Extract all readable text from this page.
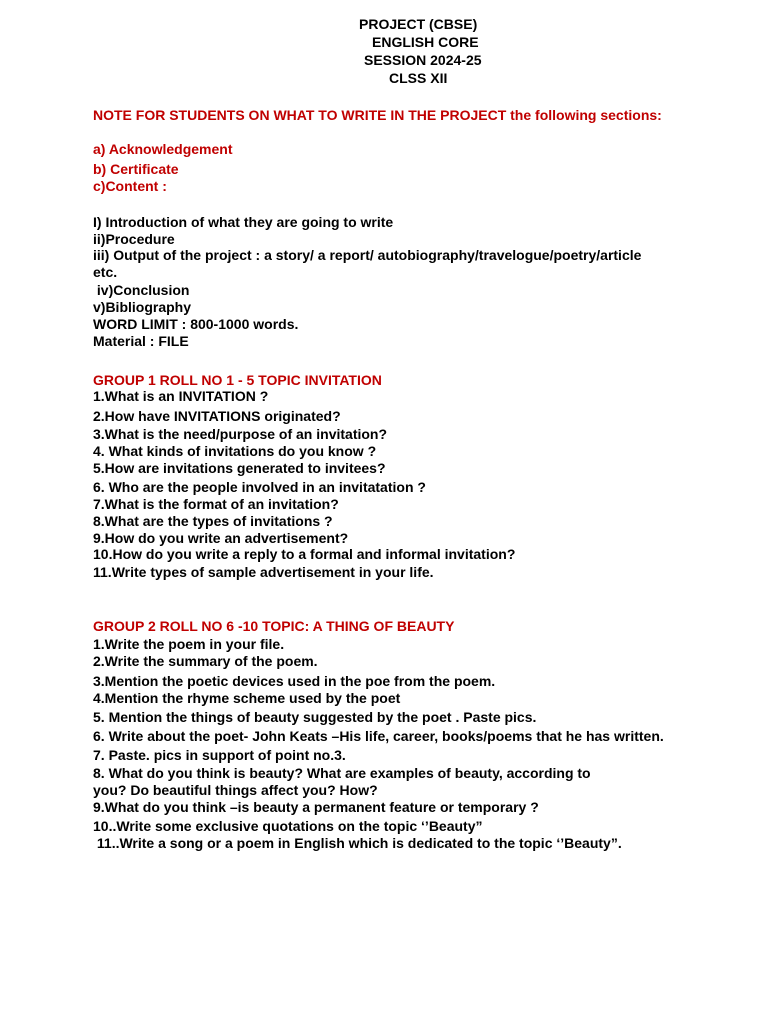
PROJECT (CBSE)
ENGLISH CORE
SESSION 2024-25
CLSS XII
NOTE FOR STUDENTS ON WHAT TO WRITE IN THE PROJECT the following sections:
a) Acknowledgement
b) Certificate
c)Content :
I) Introduction of what they are going to write
ii)Procedure
iii) Output of the project : a story/ a report/ autobiography/travelogue/poetry/article
etc.
iv)Conclusion
v)Bibliography
WORD LIMIT : 800-1000 words.
Material : FILE
GROUP 1 ROLL NO 1 - 5 TOPIC INVITATION
1.What is an INVITATION ?
2.How have INVITATIONS originated?
3.What is the need/purpose of an invitation?
4. What kinds of invitations do you know ?
5.How are invitations generated to invitees?
6. Who are the people involved in an invitatation ?
7.What is the format of an invitation?
8.What are the types of invitations ?
9.How do you write an advertisement?
10.How do you write a reply to a formal and informal invitation?
11.Write types of sample advertisement in your life.
GROUP 2 ROLL NO 6 -10 TOPIC: A THING OF BEAUTY
1.Write the poem in your file.
2.Write the summary of the poem.
3.Mention the poetic devices used in the poe from the poem.
4.Mention the rhyme scheme used by the poet
5. Mention the things of beauty suggested by the poet . Paste pics.
6. Write about the poet- John Keats –His life, career, books/poems that he has written.
7. Paste. pics in support of point no.3.
8. What do you think is beauty? What are examples of beauty, according to
you? Do beautiful things affect you? How?
9.What do you think –is beauty a permanent feature or temporary ?
10..Write some exclusive quotations on the topic ‘’Beauty”
11..Write a song or a poem in English which is dedicated to the topic ‘’Beauty”.
